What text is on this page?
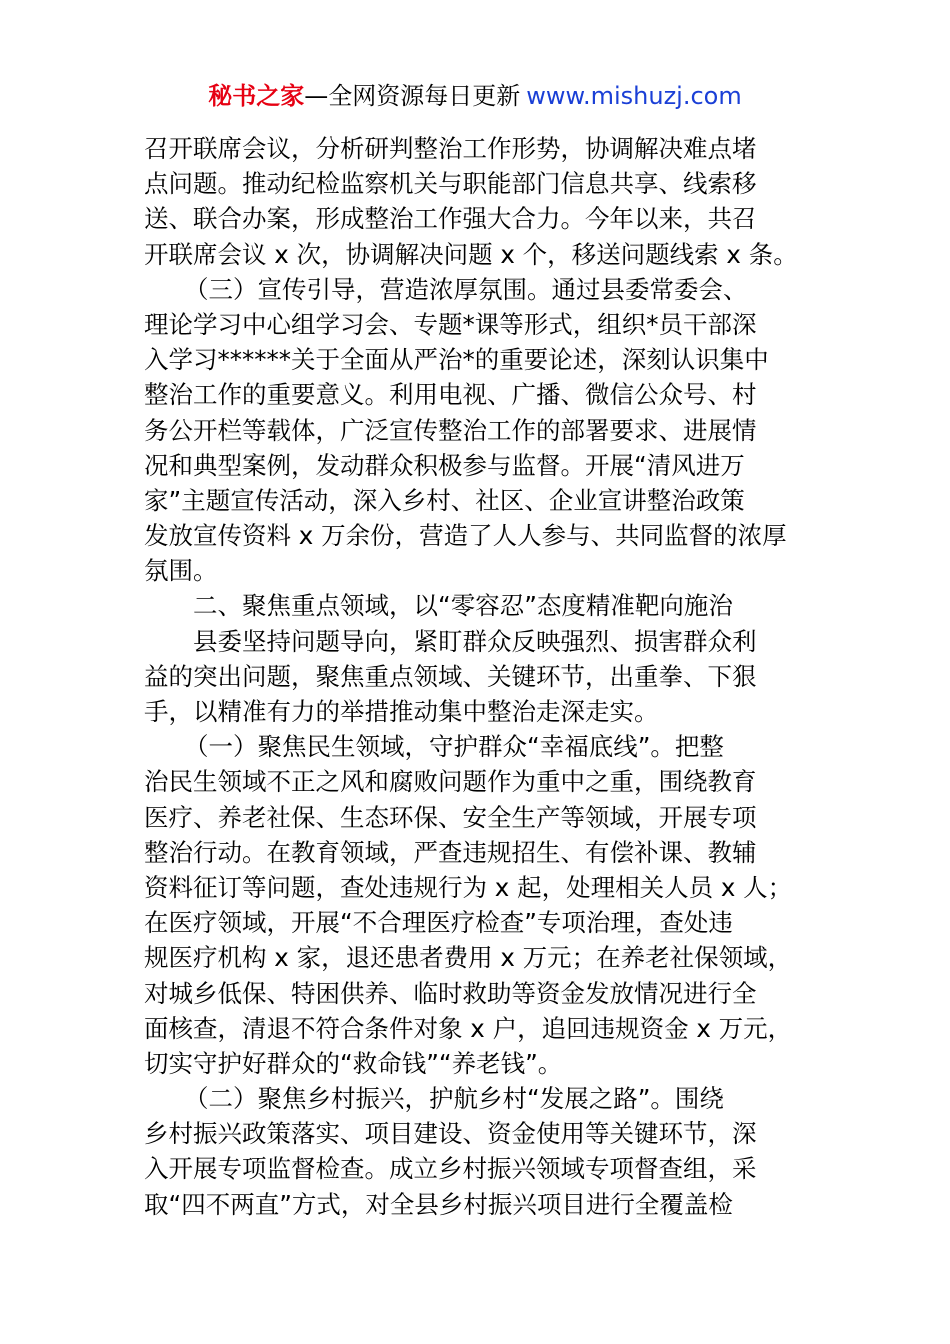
秘书之家—全网资源每日更新 www.mishuzj.com
召开联席会议，分析研判整治工作形势，协调解决难点堵
点问题。推动纪检监察机关与职能部门信息共享、线索移
送、联合办案，形成整治工作强大合力。今年以来，共召
开联席会议 x 次，协调解决问题 x 个，移送问题线索 x 条。
（三）宣传引导，营造浓厚氛围。通过县委常委会、
理论学习中心组学习会、专题*课等形式，组织*员干部深
入学习******关于全面从严治*的重要论述，深刻认识集中
整治工作的重要意义。利用电视、广播、微信公众号、村
务公开栏等载体，广泛宣传整治工作的部署要求、进展情
况和典型案例，发动群众积极参与监督。开展“清风进万
家”主题宣传活动，深入乡村、社区、企业宣讲整治政策
发放宣传资料 x 万余份，营造了人人参与、共同监督的浓厚
氛围。
二、聚焦重点领域，以“零容忍”态度精准靶向施治
县委坚持问题导向，紧盯群众反映强烈、损害群众利
益的突出问题，聚焦重点领域、关键环节，出重拳、下狠
手，以精准有力的举措推动集中整治走深走实。
（一）聚焦民生领域，守护群众“幸福底线”。把整
治民生领域不正之风和腐败问题作为重中之重，围绕教育
医疗、养老社保、生态环保、安全生产等领域，开展专项
整治行动。在教育领域，严查违规招生、有偿补课、教辅
资料征订等问题，查处违规行为 x 起，处理相关人员 x 人；
在医疗领域，开展“不合理医疗检查”专项治理，查处违
规医疗机构 x 家，退还患者费用 x 万元；在养老社保领域，
对城乡低保、特困供养、临时救助等资金发放情况进行全
面核查，清退不符合条件对象 x 户，追回违规资金 x 万元，
切实守护好群众的“救命钱”“养老钱”。
（二）聚焦乡村振兴，护航乡村“发展之路”。围绕
乡村振兴政策落实、项目建设、资金使用等关键环节，深
入开展专项监督检查。成立乡村振兴领域专项督查组，采
取“四不两直”方式，对全县乡村振兴项目进行全覆盖检
